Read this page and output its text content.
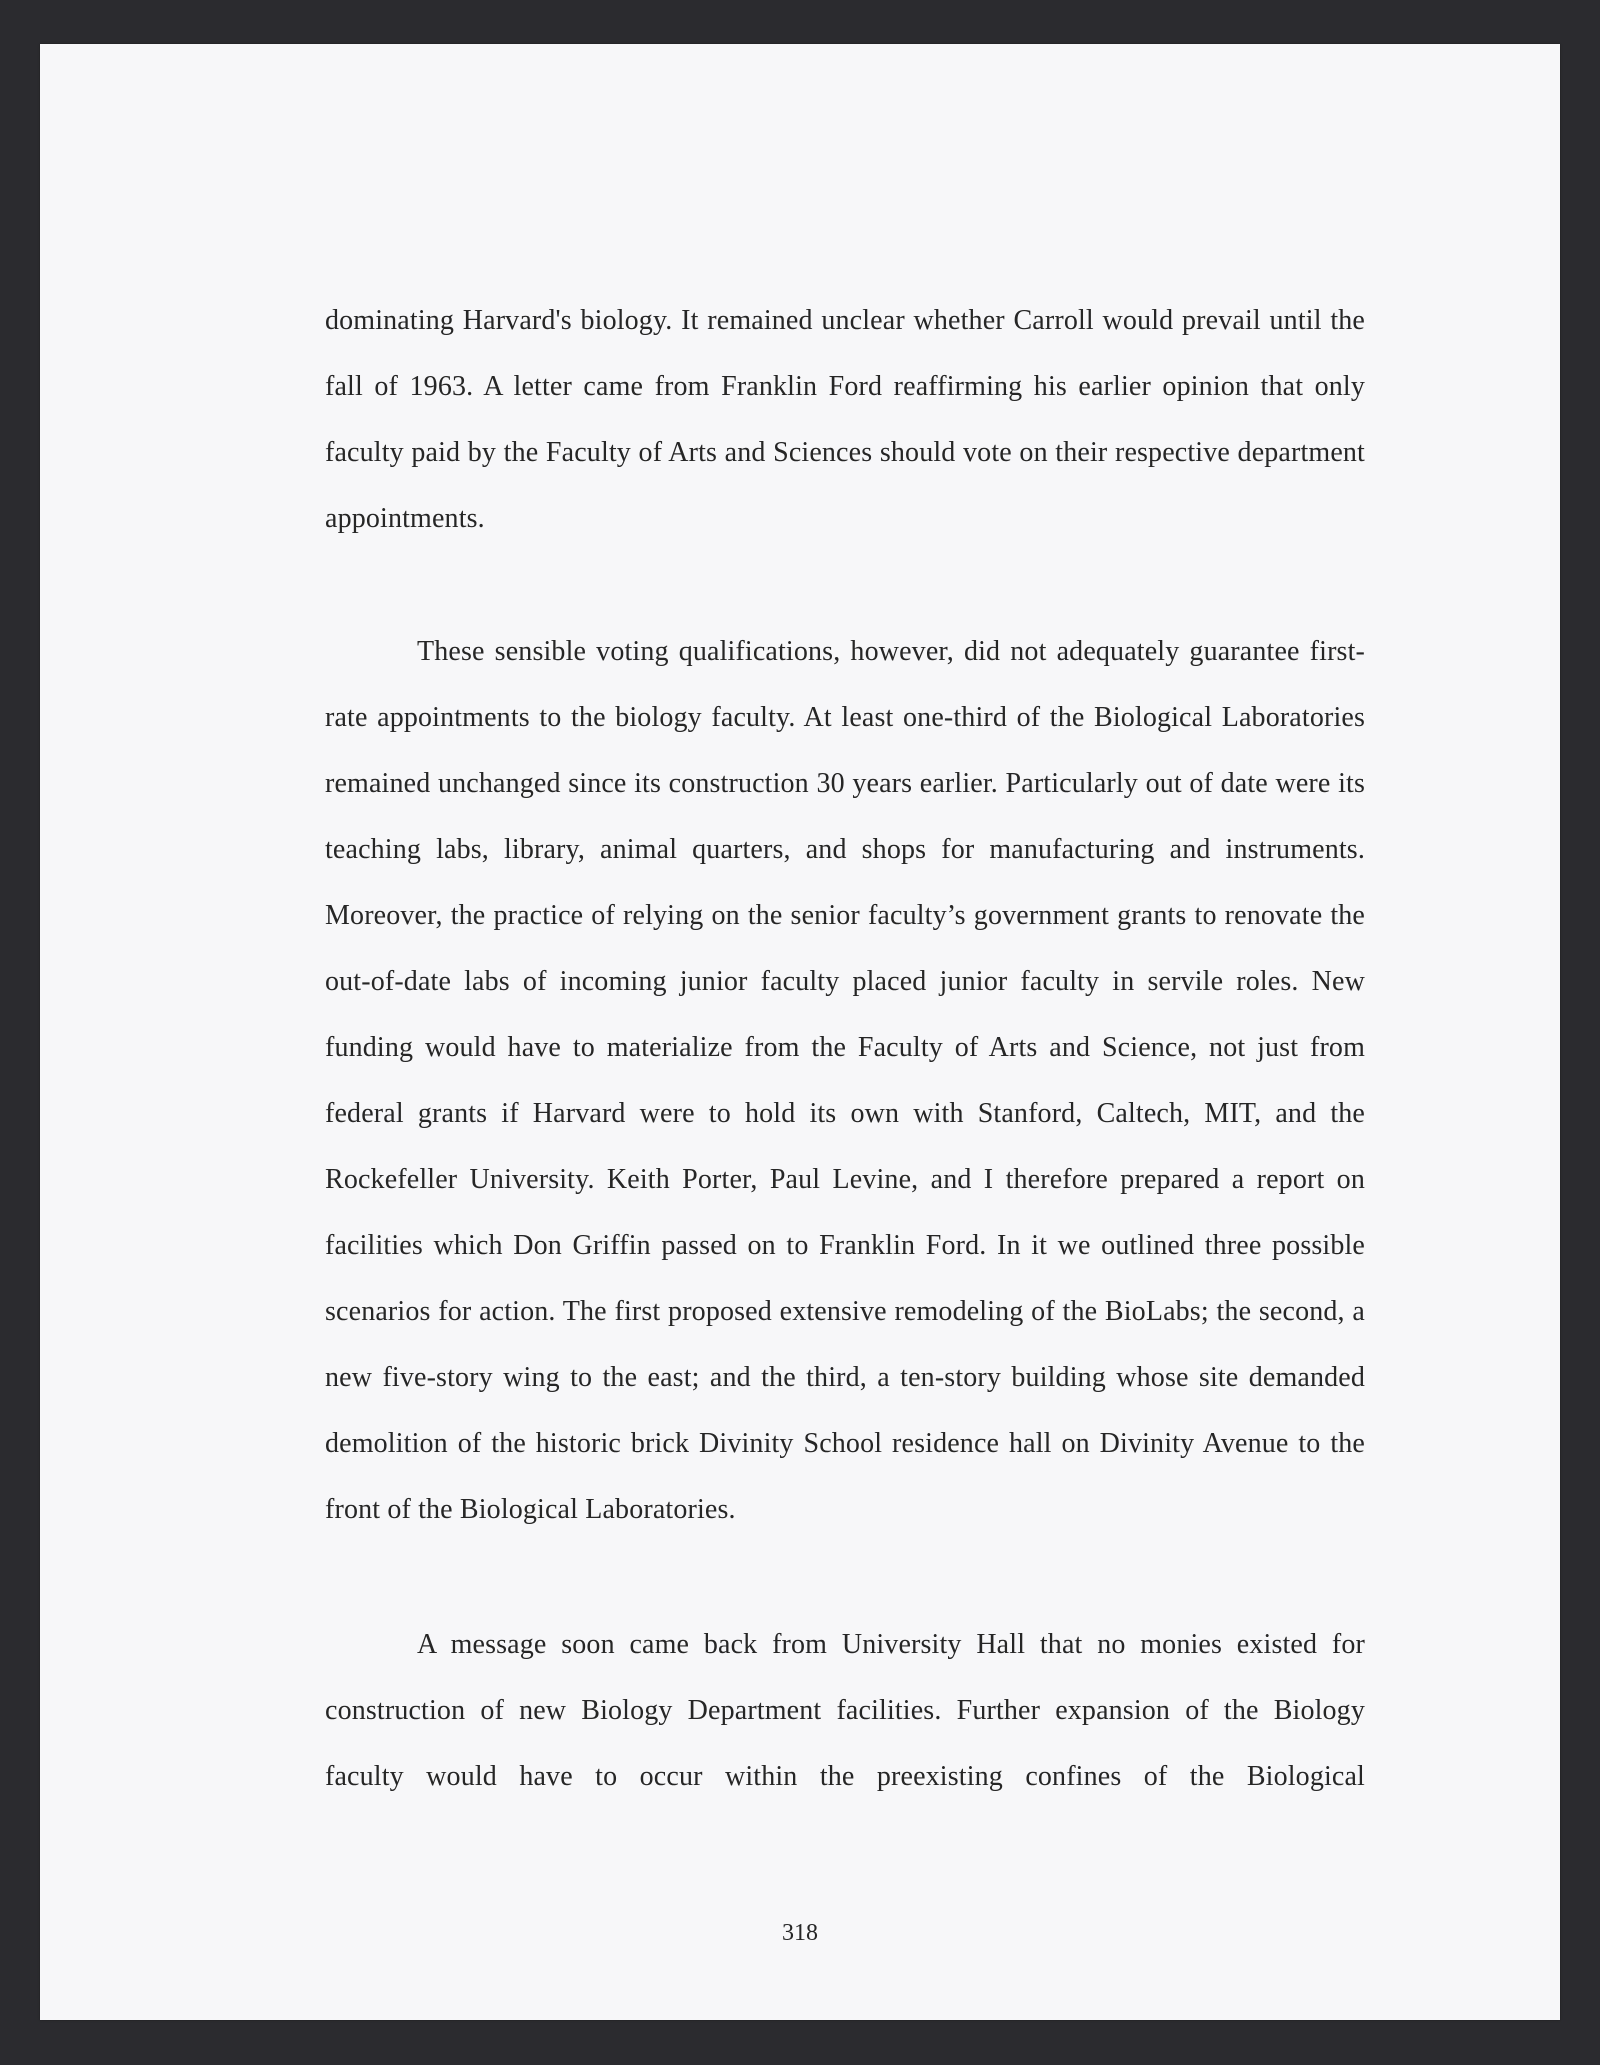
dominating Harvard's biology. It remained unclear whether Carroll would prevail until the fall of 1963. A letter came from Franklin Ford reaffirming his earlier opinion that only faculty paid by the Faculty of Arts and Sciences should vote on their respective department appointments.

These sensible voting qualifications, however, did not adequately guarantee first-rate appointments to the biology faculty. At least one-third of the Biological Laboratories remained unchanged since its construction 30 years earlier. Particularly out of date were its teaching labs, library, animal quarters, and shops for manufacturing and instruments. Moreover, the practice of relying on the senior faculty’s government grants to renovate the out-of-date labs of incoming junior faculty placed junior faculty in servile roles. New funding would have to materialize from the Faculty of Arts and Science, not just from federal grants if Harvard were to hold its own with Stanford, Caltech, MIT, and the Rockefeller University. Keith Porter, Paul Levine, and I therefore prepared a report on facilities which Don Griffin passed on to Franklin Ford. In it we outlined three possible scenarios for action. The first proposed extensive remodeling of the BioLabs; the second, a new five-story wing to the east; and the third, a ten-story building whose site demanded demolition of the historic brick Divinity School residence hall on Divinity Avenue to the front of the Biological Laboratories.

A message soon came back from University Hall that no monies existed for construction of new Biology Department facilities. Further expansion of the Biology faculty would have to occur within the preexisting confines of the Biological

318
